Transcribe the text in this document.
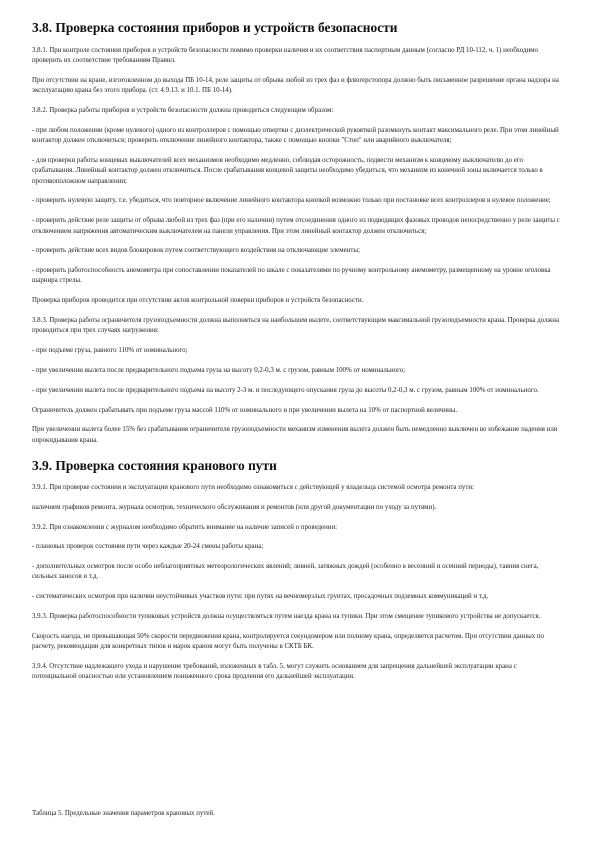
3.8. Проверка состояния приборов и устройств безопасности

3.8.1. При контроле состояния приборов и устройств безопасности помимо проверки наличия и их соответствия паспортным данным (согласно РД 10-112, ч. 1) необходимо проверить их соответствие требованиям Правил.

При отсутствии на кране, изготовленном до выхода ПБ 10-14, реле защиты от обрыва любой из трех фаз и флюгерстопора должно быть письменное разрешение органа надзора на эксплуатацию крана без этого прибора. (ст. 4.9.13. и 10.1. ПБ 10-14).

3.8.2. Проверка работы приборов и устройств безопасности должна проводиться следующим образом:

- при любом положении (кроме нулевого) одного из контроллеров с помощью отвертки с диэлектрической рукояткой разомкнуть контакт максимального реле. При этом линейный контактор должен отключиться; проверить отключение линейного контактора, также с помощью кнопки "Стоп" или аварийного выключателя;

- для проверки работы концевых выключателей всех механизмов необходимо медленно, соблюдая осторожность, подвести механизм к концевому выключателю до его срабатывания. Линейный контактор должен отключиться. После срабатывания концевой защиты необходимо убедиться, что механизм из конечной зоны включается только в противоположном направлении;

- проверить нулевую защиту, т.е. убедиться, что повторное включение линейного контактора кнопкой возможно только при постановке всех контроллеров в нулевое положение;

- проверить действие реле защиты от обрыва любой из трех фаз (при его наличии) путем отсоединения одного из подводящих фазовых проводов непосредственно у реле защиты с отключением напряжения автоматическим выключателем на панели управления. При этом линейный контактор должен отключиться;

- проверить действие всех видов блокировок путем соответствующего воздействия на отключающие элементы;

- проверить работоспособность анемометра при сопоставлении показателей по шкале с показателями по ручному контрольному анемометру, размещенному на уровне оголовка шарнира стрелы.

Проверка приборов проводится при отсутствии актов контрольной поверки приборов и устройств безопасности.

3.8.3. Проверка работы ограничителя грузоподъемности должна выполняться на наибольшем вылете, соответствующим максимальной грузоподъемности крана. Проверка должна проводиться при трех случаях нагружения:

- при подъеме груза, равного 110% от номинального;

- при увеличении вылета после предварительного подъема груза на высоту 0,2-0,3 м. с грузом, равным 100% от номинального;

- при увеличении вылета после предварительного подъема на высоту 2-3 м. и последующего опускания груза до высоты 0,2-0,3 м. с грузом, равным 100% от номинального.

Ограничитель должен срабатывать при подъеме груза массой 110% от номинального и при увеличении вылета на 10% от паспортной величины.

При увеличении вылета более 15% без срабатывания ограничителя грузоподъемности механизм изменения вылета должен быть немедленно выключен во избежание падения или опрокидывания крана.

3.9. Проверка состояния кранового пути

3.9.1. При проверке состояния и эксплуатации кранового пути необходимо ознакомиться с действующей у владельца системой осмотра ремонта пути:

наличием графиков ремонта, журнала осмотров, технического обслуживания и ремонтов (или другой документации по уходу за путями).

3.9.2. При ознакомлении с журналом необходимо обратить внимание на наличие записей о проведении:

- плановых проверок состояния пути через каждые 20-24 смены работы крана;

- дополнительных осмотров после особо неблагоприятных метеорологических явлений; ливней, затяжных дождей (особенно в весенний и осенний периоды), таяния снега, сильных заносов и т.д.

- систематических осмотров при наличии неустойчивых участков пути: при путях на вечномерзлых грунтах, просадочных подземных коммуникаций и т.д.

3.9.3. Проверка работоспособности тупиковых устройств должна осуществляться путем наезда крана на тупики. При этом смещение тупикового устройства не допускается.

Скорость наезда, не превышающая 50% скорости передвижения крана, контролируется секундомером или полному крана, определяется расчетом. При отсутствии данных по расчету, рекомендации для конкретных типов и марок кранов могут быть получены в СКТБ БК.

3.9.4. Отсутствие надлежащего ухода и нарушение требований, изложенных в табл. 5, могут служить основанием для запрещения дальнейшей эксплуатации крана с потенциальной опасностью или установлением пониженного срока продления его дальнейшей эксплуатации.

Таблица 5. Предельные значения параметров крановых путей.
